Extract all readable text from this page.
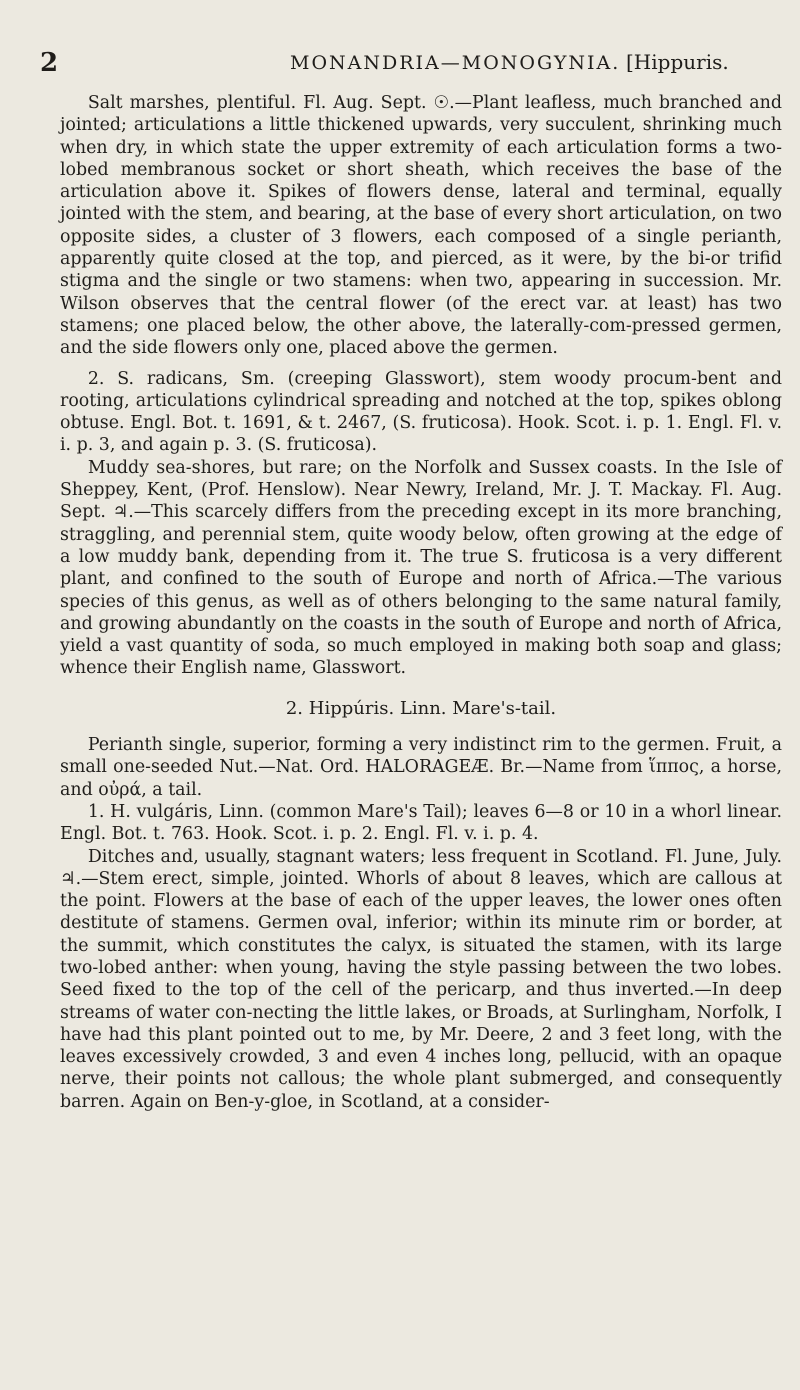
2	MONANDRIA—MONOGYNIA. [Hippuris.

Salt marshes, plentiful. Fl. Aug. Sept. ☉.—Plant leafless, much branched and jointed; articulations a little thickened upwards, very succulent, shrinking much when dry, in which state the upper extremity of each articulation forms a two-lobed membranous socket or short sheath, which receives the base of the articulation above it. Spikes of flowers dense, lateral and terminal, equally jointed with the stem, and bearing, at the base of every short articulation, on two opposite sides, a cluster of 3 flowers, each composed of a single perianth, apparently quite closed at the top, and pierced, as it were, by the bi-or trifid stigma and the single or two stamens: when two, appearing in succession. Mr. Wilson observes that the central flower (of the erect var. at least) has two stamens; one placed below, the other above, the laterally-com-pressed germen, and the side flowers only one, placed above the germen.

2. S. radicans, Sm. (creeping Glasswort), stem woody procum-bent and rooting, articulations cylindrical spreading and notched at the top, spikes oblong obtuse. Engl. Bot. t. 1691, & t. 2467, (S. fruticosa). Hook. Scot. i. p. 1. Engl. Fl. v. i. p. 3, and again p. 3. (S. fruticosa).

Muddy sea-shores, but rare; on the Norfolk and Sussex coasts. In the Isle of Sheppey, Kent, (Prof. Henslow). Near Newry, Ireland, Mr. J. T. Mackay. Fl. Aug. Sept. ♃.—This scarcely differs from the preceding except in its more branching, straggling, and perennial stem, quite woody below, often growing at the edge of a low muddy bank, depending from it. The true S. fruticosa is a very different plant, and confined to the south of Europe and north of Africa.—The various species of this genus, as well as of others belonging to the same natural family, and growing abundantly on the coasts in the south of Europe and north of Africa, yield a vast quantity of soda, so much employed in making both soap and glass; whence their English name, Glasswort.

2. Hippúris. Linn. Mare's-tail.

Perianth single, superior, forming a very indistinct rim to the germen. Fruit, a small one-seeded Nut.—Nat. Ord. HALORAGEÆ. Br.—Name from ἵππος, a horse, and οὐρά, a tail.

1. H. vulgáris, Linn. (common Mare's Tail); leaves 6—8 or 10 in a whorl linear. Engl. Bot. t. 763. Hook. Scot. i. p. 2. Engl. Fl. v. i. p. 4.

Ditches and, usually, stagnant waters; less frequent in Scotland. Fl. June, July. ♃.—Stem erect, simple, jointed. Whorls of about 8 leaves, which are callous at the point. Flowers at the base of each of the upper leaves, the lower ones often destitute of stamens. Germen oval, inferior; within its minute rim or border, at the summit, which constitutes the calyx, is situated the stamen, with its large two-lobed anther: when young, having the style passing between the two lobes. Seed fixed to the top of the cell of the pericarp, and thus inverted.—In deep streams of water con-necting the little lakes, or Broads, at Surlingham, Norfolk, I have had this plant pointed out to me, by Mr. Deere, 2 and 3 feet long, with the leaves excessively crowded, 3 and even 4 inches long, pellucid, with an opaque nerve, their points not callous; the whole plant submerged, and consequently barren. Again on Ben-y-gloe, in Scotland, at a consider-
